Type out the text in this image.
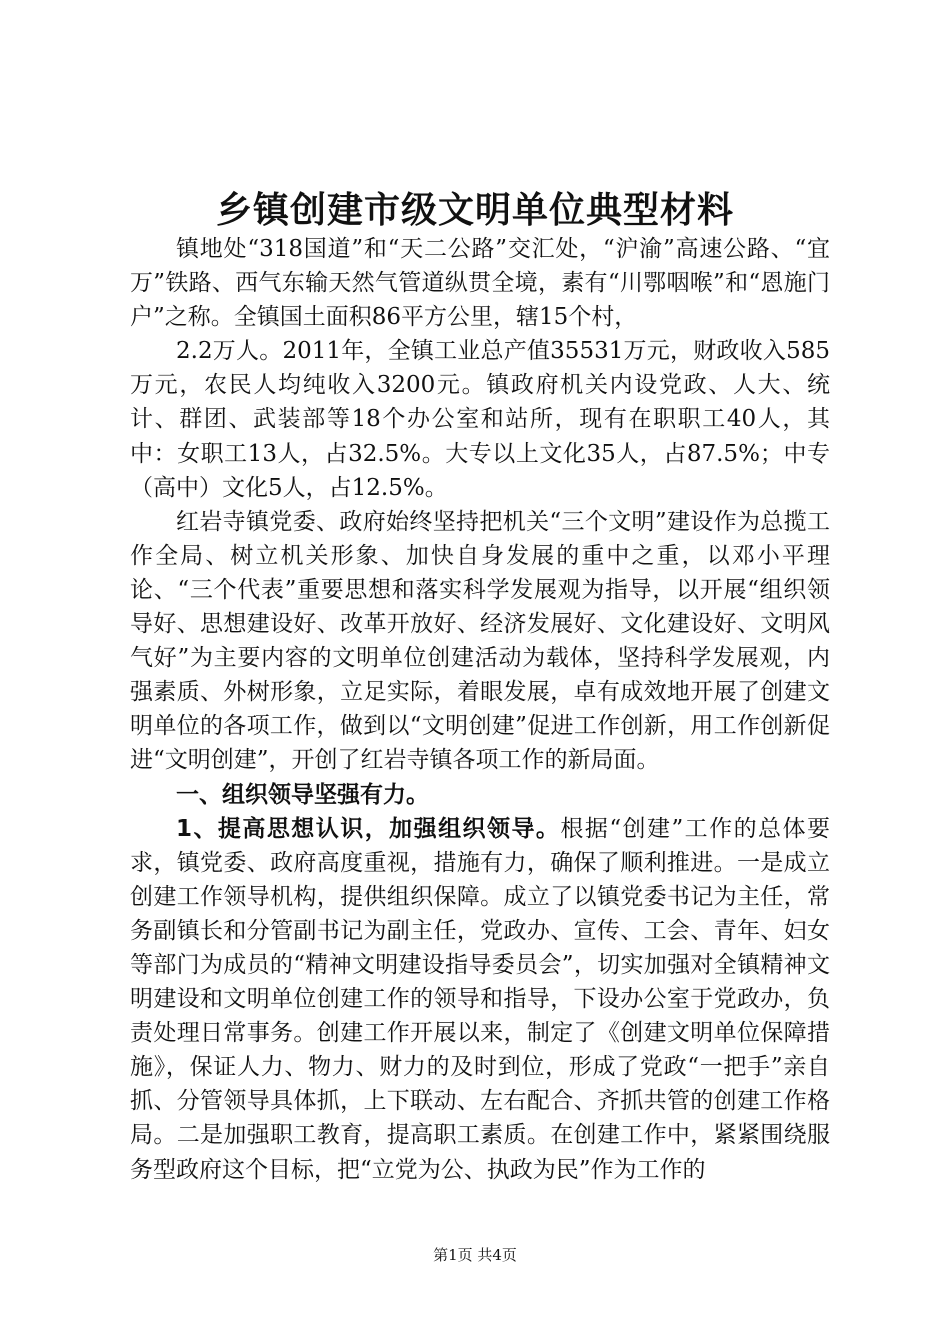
乡镇创建市级文明单位典型材料

镇地处“318国道”和“天二公路”交汇处，“沪渝”高速公路、“宜万”铁路、西气东输天然气管道纵贯全境，素有“川鄂咽喉”和“恩施门户”之称。全镇国土面积86平方公里，辖15个村，

2.2万人。2011年，全镇工业总产值35531万元，财政收入585万元，农民人均纯收入3200元。镇政府机关内设党政、人大、统计、群团、武装部等18个办公室和站所，现有在职职工40人，其中：女职工13人，占32.5%。大专以上文化35人，占87.5%；中专（高中）文化5人，占12.5%。

红岩寺镇党委、政府始终坚持把机关“三个文明”建设作为总揽工作全局、树立机关形象、加快自身发展的重中之重，以邓小平理论、“三个代表”重要思想和落实科学发展观为指导，以开展“组织领导好、思想建设好、改革开放好、经济发展好、文化建设好、文明风气好”为主要内容的文明单位创建活动为载体，坚持科学发展观，内强素质、外树形象，立足实际，着眼发展，卓有成效地开展了创建文明单位的各项工作，做到以“文明创建”促进工作创新，用工作创新促进“文明创建”，开创了红岩寺镇各项工作的新局面。

一、组织领导坚强有力。

1、提高思想认识，加强组织领导。根据“创建”工作的总体要求，镇党委、政府高度重视，措施有力，确保了顺利推进。一是成立创建工作领导机构，提供组织保障。成立了以镇党委书记为主任，常务副镇长和分管副书记为副主任，党政办、宣传、工会、青年、妇女等部门为成员的“精神文明建设指导委员会”，切实加强对全镇精神文明建设和文明单位创建工作的领导和指导，下设办公室于党政办，负责处理日常事务。创建工作开展以来，制定了《创建文明单位保障措施》，保证人力、物力、财力的及时到位，形成了党政“一把手”亲自抓、分管领导具体抓，上下联动、左右配合、齐抓共管的创建工作格局。二是加强职工教育，提高职工素质。在创建工作中，紧紧围绕服务型政府这个目标，把“立党为公、执政为民”作为工作的

第1页 共4页
